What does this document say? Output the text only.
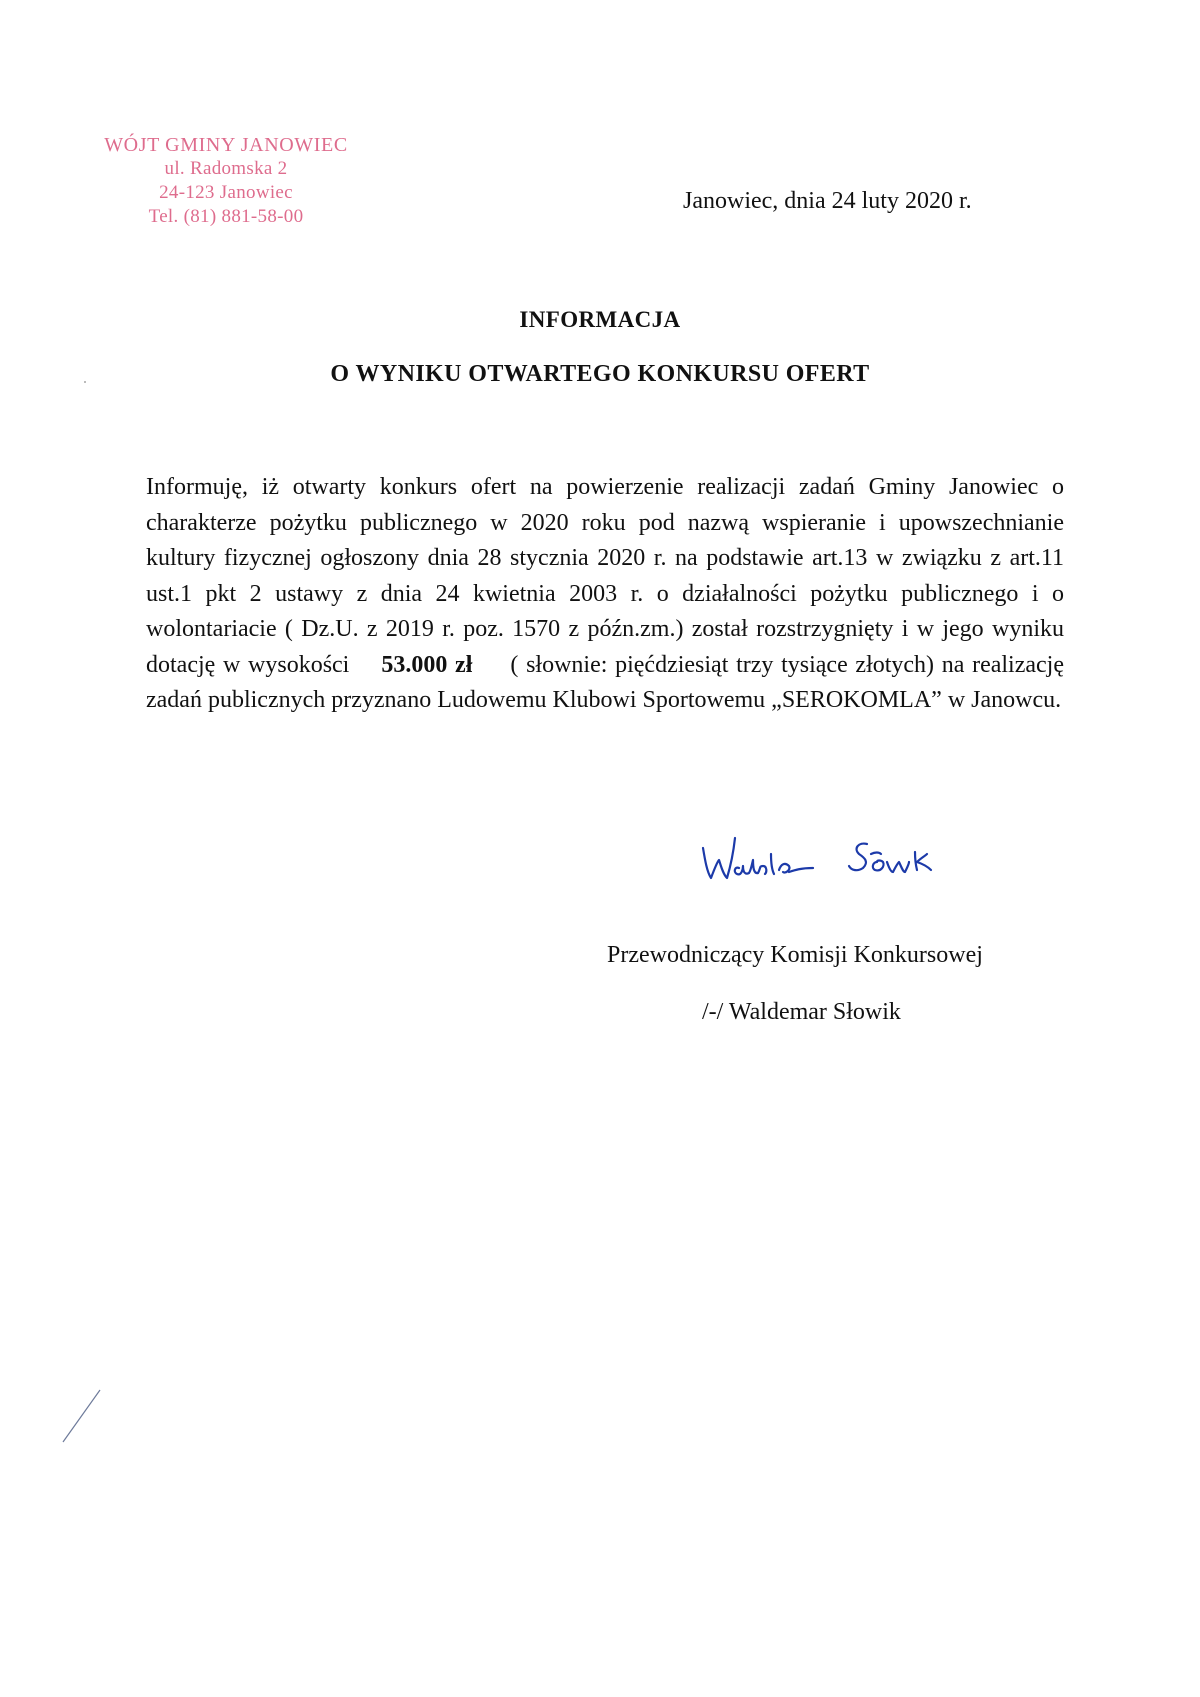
WÓJT GMINY JANOWIEC
ul. Radomska 2
24-123 Janowiec
Tel. (81) 881-58-00
Janowiec, dnia 24 luty 2020 r.
INFORMACJA
O WYNIKU OTWARTEGO KONKURSU OFERT
Informuję, iż otwarty konkurs ofert na powierzenie realizacji zadań Gminy Janowiec o charakterze pożytku publicznego w 2020 roku pod nazwą wspieranie i upowszechnianie kultury fizycznej ogłoszony dnia 28 stycznia 2020 r. na podstawie art.13 w związku z art.11 ust.1 pkt 2 ustawy z dnia 24 kwietnia 2003 r. o działalności pożytku publicznego i o wolontariacie ( Dz.U. z 2019 r. poz. 1570 z późn.zm.) został rozstrzygnięty i w jego wyniku dotację w wysokości 53.000 zł ( słownie: pięćdziesiąt trzy tysiące złotych) na realizację zadań publicznych przyznano Ludowemu Klubowi Sportowemu „SEROKOMLA” w Janowcu.
Przewodniczący Komisji Konkursowej
/-/ Waldemar Słowik
